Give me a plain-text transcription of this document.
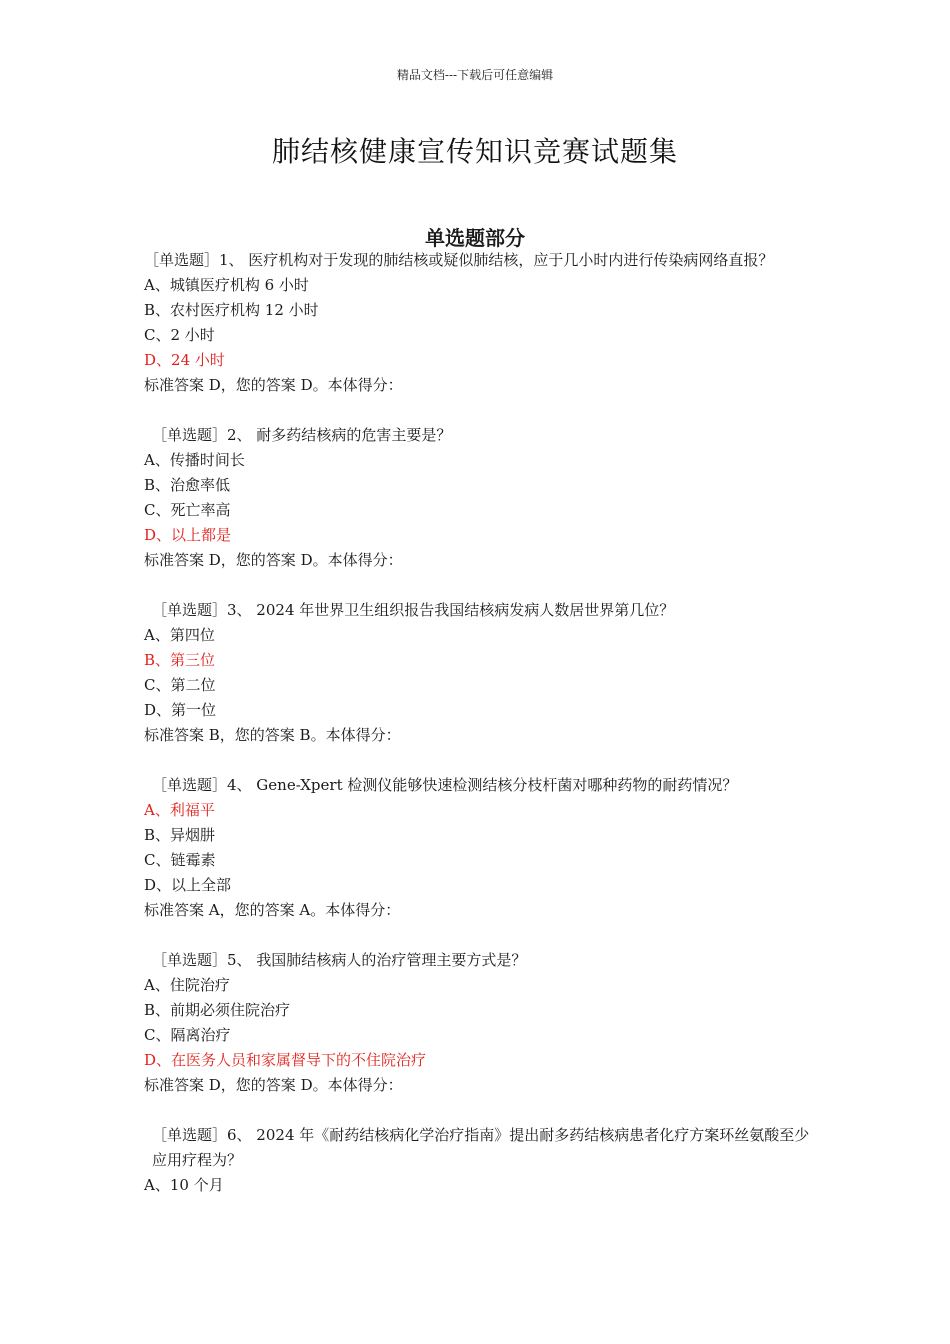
精品文档---下载后可任意编辑
肺结核健康宣传知识竞赛试题集
单选题部分

［单选题］1、 医疗机构对于发现的肺结核或疑似肺结核，应于几小时内进行传染病网络直报？

A、城镇医疗机构 6 小时

B、农村医疗机构 12 小时

C、2 小时

D、24 小时

标准答案 D，您的答案 D。本体得分：

［单选题］2、 耐多药结核病的危害主要是？

A、传播时间长

B、治愈率低

C、死亡率高

D、以上都是

标准答案 D，您的答案 D。本体得分：

［单选题］3、 2024 年世界卫生组织报告我国结核病发病人数居世界第几位？

A、第四位

B、第三位

C、第二位

D、第一位

标准答案 B，您的答案 B。本体得分：

［单选题］4、 Gene-Xpert 检测仪能够快速检测结核分枝杆菌对哪种药物的耐药情况？

A、利福平

B、异烟肼

C、链霉素

D、以上全部

标准答案 A，您的答案 A。本体得分：

［单选题］5、 我国肺结核病人的治疗管理主要方式是？

A、住院治疗

B、前期必须住院治疗

C、隔离治疗

D、在医务人员和家属督导下的不住院治疗

标准答案 D，您的答案 D。本体得分：

［单选题］6、 2024 年《耐药结核病化学治疗指南》提出耐多药结核病患者化疗方案环丝氨酸至少应用疗程为？

A、10 个月
